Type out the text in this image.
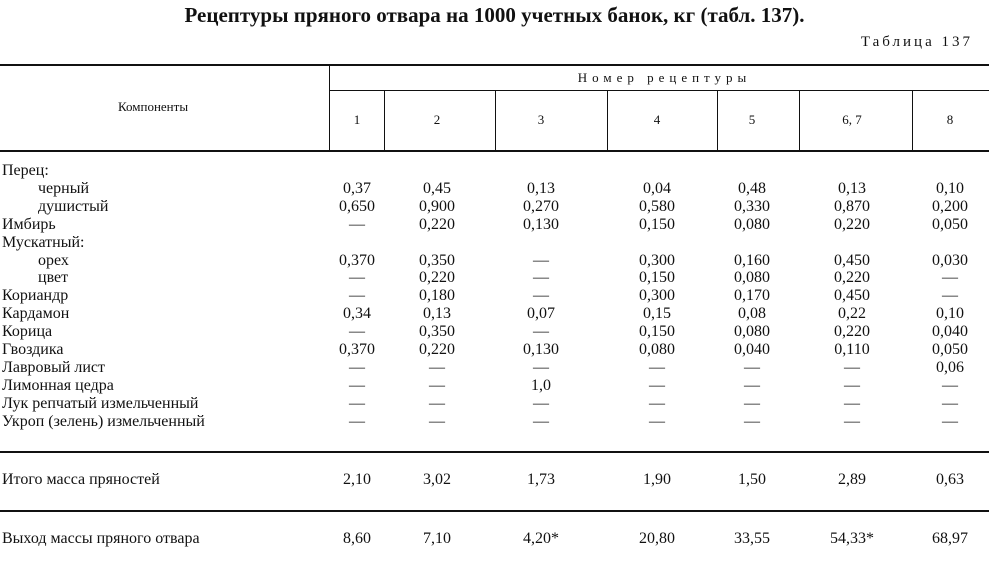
Рецептуры пряного отвара на 1000 учетных банок, кг (табл. 137).
Таблица 137
Компоненты
Номер рецептуры
1	2	3	4	5	6, 7	8
Перец:
черный	0,37	0,45	0,13	0,04	0,48	0,13	0,10
душистый	0,650	0,900	0,270	0,580	0,330	0,870	0,200
Имбирь	—	0,220	0,130	0,150	0,080	0,220	0,050
Мускатный:
орех	0,370	0,350	—	0,300	0,160	0,450	0,030
цвет	—	0,220	—	0,150	0,080	0,220	—
Кориандр	—	0,180	—	0,300	0,170	0,450	—
Кардамон	0,34	0,13	0,07	0,15	0,08	0,22	0,10
Корица	—	0,350	—	0,150	0,080	0,220	0,040
Гвоздика	0,370	0,220	0,130	0,080	0,040	0,110	0,050
Лавровый лист	—	—	—	—	—	—	0,06
Лимонная цедра	—	—	1,0	—	—	—	—
Лук репчатый измельченный	—	—	—	—	—	—	—
Укроп (зелень) измельченный	—	—	—	—	—	—	—
Итого масса пряностей	2,10	3,02	1,73	1,90	1,50	2,89	0,63
Выход массы пряного отвара	8,60	7,10	4,20*	20,80	33,55	54,33*	68,97
